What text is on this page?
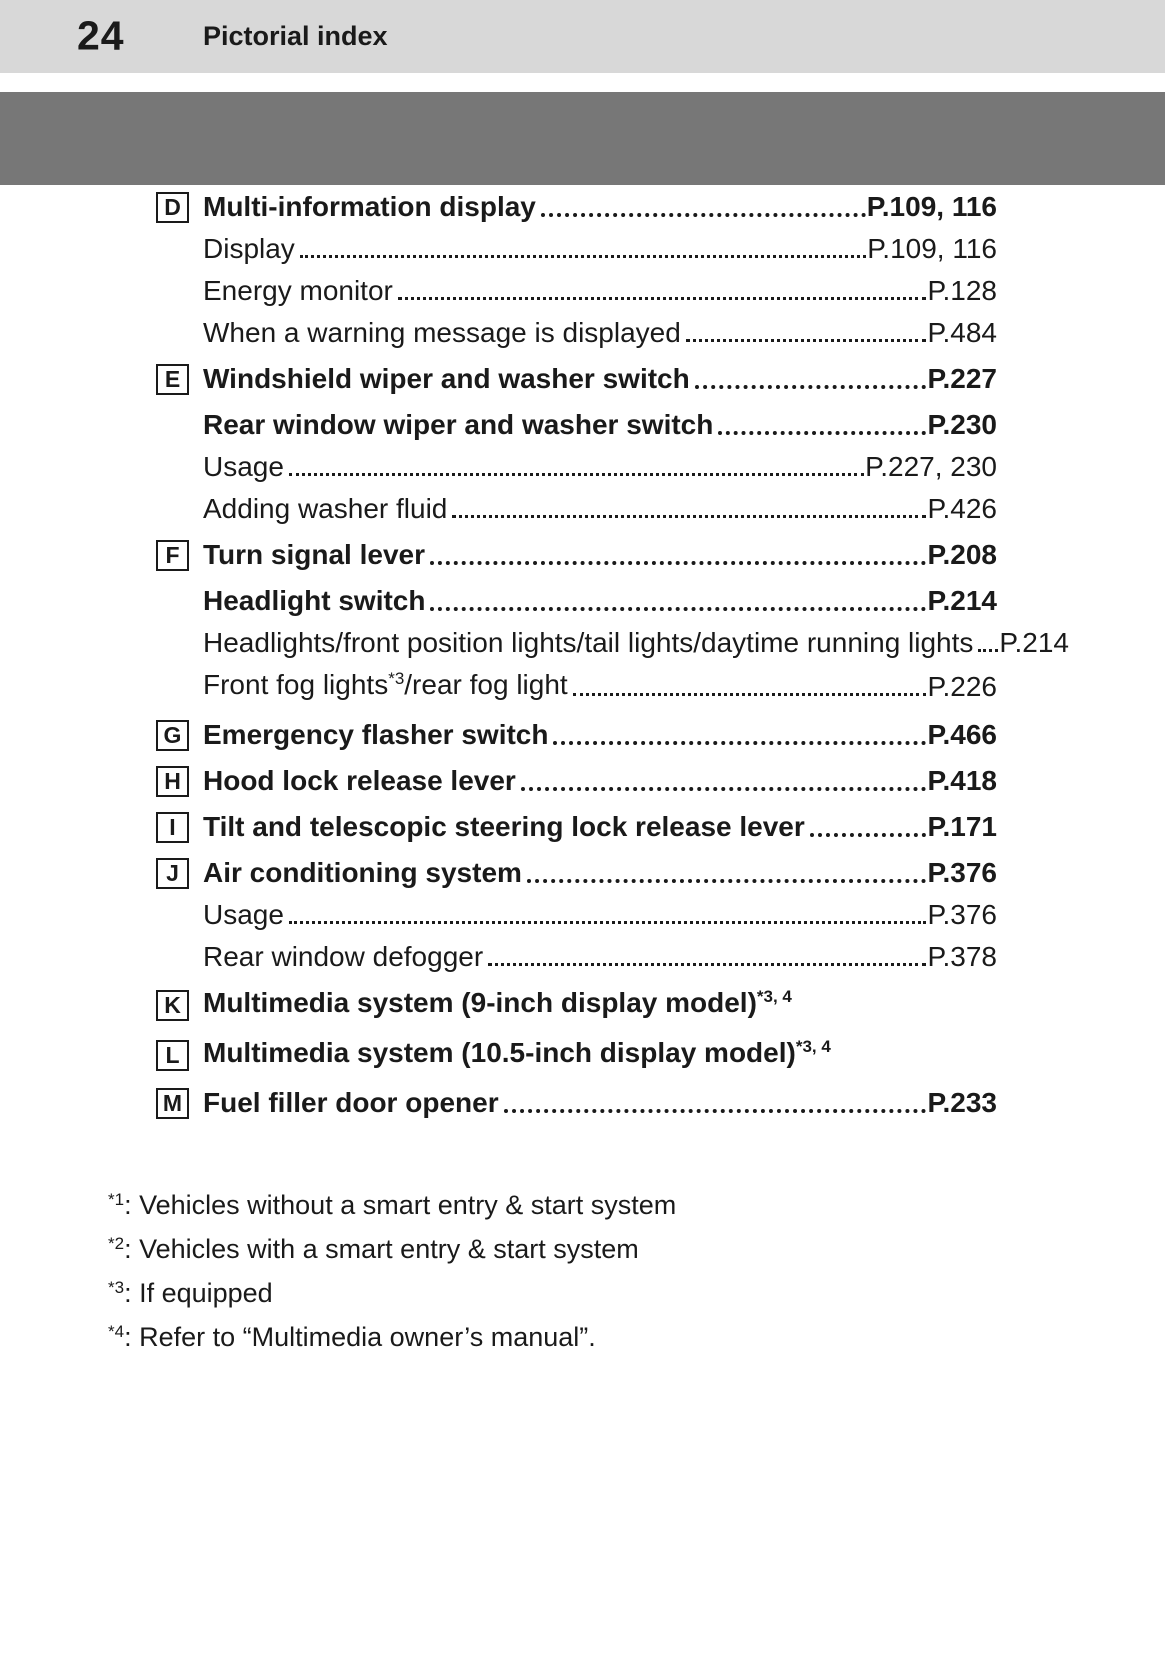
24	Pictorial index
D Multi-information display	P.109, 116
Display	P.109, 116
Energy monitor	P.128
When a warning message is displayed	P.484
E Windshield wiper and washer switch	P.227
Rear window wiper and washer switch	P.230
Usage	P.227, 230
Adding washer fluid	P.426
F Turn signal lever	P.208
Headlight switch	P.214
Headlights/front position lights/tail lights/daytime running lights P.214
Front fog lights$^{*3}$/rear fog light	P.226
G Emergency flasher switch	P.466
H Hood lock release lever	P.418
I Tilt and telescopic steering lock release lever	P.171
J Air conditioning system	P.376
Usage	P.376
Rear window defogger	P.378
K Multimedia system (9-inch display model)$^{*3, 4}$
L Multimedia system (10.5-inch display model)$^{*3, 4}$
M Fuel filler door opener	P.233
$^{*1}$: Vehicles without a smart entry & start system
$^{*2}$: Vehicles with a smart entry & start system
$^{*3}$: If equipped
$^{*4}$: Refer to “Multimedia owner’s manual”.
